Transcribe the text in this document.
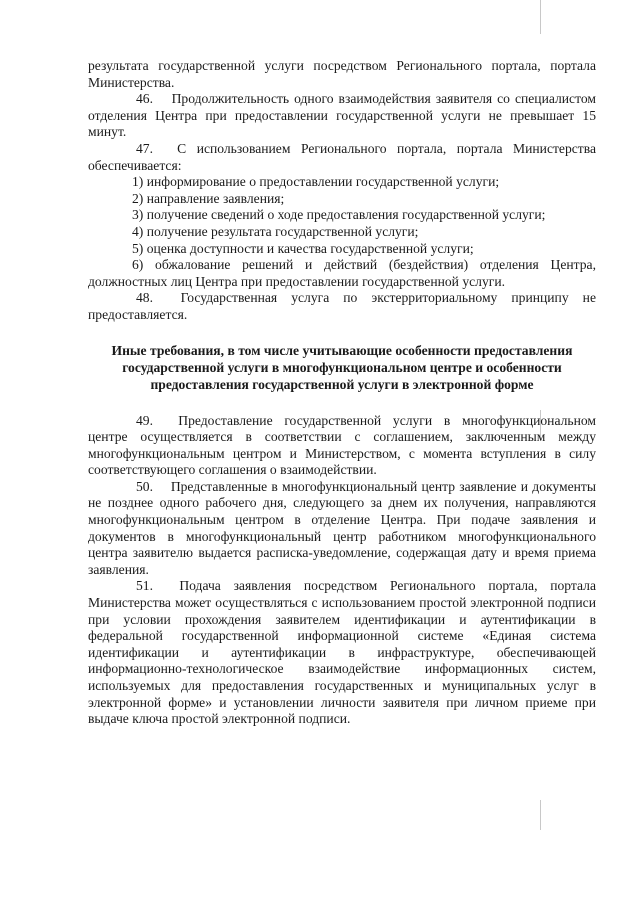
результата государственной услуги посредством Регионального портала, портала Министерства.

46.  Продолжительность одного взаимодействия заявителя со специалистом отделения Центра при предоставлении государственной услуги не превышает 15 минут.

47.  С использованием Регионального портала, портала Министерства обеспечивается:

1) информирование о предоставлении государственной услуги;

2) направление заявления;

3) получение сведений о ходе предоставления государственной услуги;

4) получение результата государственной услуги;

5) оценка доступности и качества государственной услуги;

6) обжалование решений и действий (бездействия) отделения Центра, должностных лиц Центра при предоставлении государственной услуги.

48.  Государственная услуга по экстерриториальному принципу не предоставляется.

Иные требования, в том числе учитывающие особенности предоставления государственной услуги в многофункциональном центре и особенности предоставления государственной услуги в электронной форме

49.  Предоставление государственной услуги в многофункциональном центре осуществляется в соответствии с соглашением, заключенным между многофункциональным центром и Министерством, с момента вступления в силу соответствующего соглашения о взаимодействии.

50.  Представленные в многофункциональный центр заявление и документы не позднее одного рабочего дня, следующего за днем их получения, направляются многофункциональным центром в отделение Центра. При подаче заявления и документов в многофункциональный центр работником многофункционального центра заявителю выдается расписка-уведомление, содержащая дату и время приема заявления.

51.  Подача заявления посредством Регионального портала, портала Министерства может осуществляться с использованием простой электронной подписи при условии прохождения заявителем идентификации и аутентификации в федеральной государственной информационной системе «Единая система идентификации и аутентификации в инфраструктуре, обеспечивающей информационно-технологическое взаимодействие информационных систем, используемых для предоставления государственных и муниципальных услуг в электронной форме» и установлении личности заявителя при личном приеме при выдаче ключа простой электронной подписи.
